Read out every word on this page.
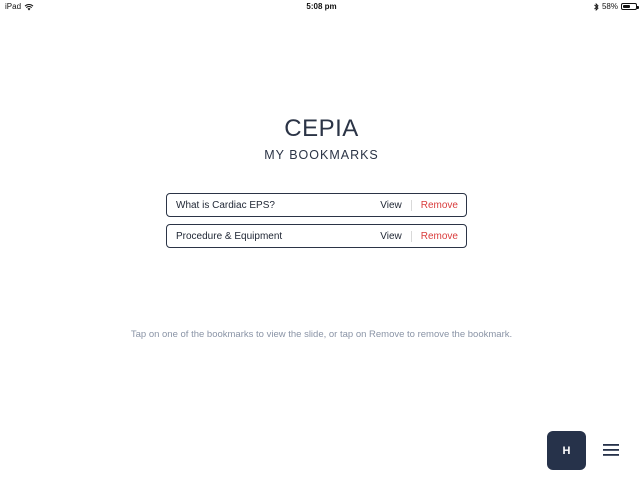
iPad	5:08 pm	58%
CEPIA
MY BOOKMARKS
What is Cardiac EPS?	View Remove
Procedure & Equipment	View Remove
Tap on one of the bookmarks to view the slide, or tap on Remove to remove the bookmark.
H
